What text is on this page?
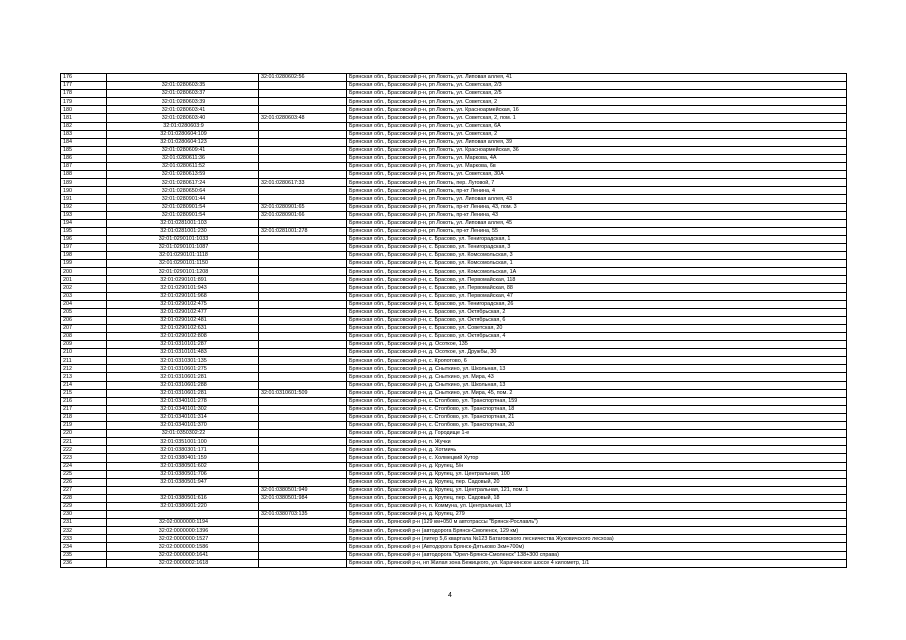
176		32:01:0280602:56	Брянская обл., Брасовский р-н, рп Локоть, ул. Липовая аллея, 41
177	32:01:0280603:35		Брянская обл., Брасовский р-н, рп Локоть, ул. Советская, 2/3
178	32:01:0280603:37		Брянская обл., Брасовский р-н, рп Локоть, ул. Советская, 2/5
179	32:01:0280603:39		Брянская обл., Брасовский р-н, рп Локоть, ул. Советская, 2
180	32:01:0280603:41		Брянская обл., Брасовский р-н, рп Локоть, ул. Красноармейская, 16
181	32:01:0280603:40	32:01:0280603:48	Брянская обл., Брасовский р-н, рп Локоть, ул. Советская, 2, пом. 1
182	32:01:0280603:9		Брянская обл., Брасовский р-н, рп Локоть, ул. Советская, 6А
183	32:01:0280604:109		Брянская обл., Брасовский р-н, рп Локоть, ул. Советская, 2
184	32:01:0280604:123		Брянская обл., Брасовский р-н, рп Локоть, ул. Липовая аллея, 39
185	32:01:0280609:41		Брянская обл., Брасовский р-н, рп Локоть, ул. Красноармейская, 36
186	32:01:0280611:36		Брянская обл., Брасовский р-н, рп Локоть, ул. Маркова, 4А
187	32:01:0280611:52		Брянская обл., Брасовский р-н, рп Локоть, ул. Маркова, 6в
188	32:01:0280613:59		Брянская обл., Брасовский р-н, рп Локоть, ул. Советская, 30А
189	32:01:0280617:24	32:01:0280617:33	Брянская обл., Брасовский р-н, рп Локоть, пер. Луговой, 7
190	32:01:0280650:64		Брянская обл., Брасовский р-н, рп Локоть, пр-кт Ленина, 4
191	32:01:0280901:44		Брянская обл., Брасовский р-н, рп Локоть, ул. Липовая аллея, 43
192	32:01:0280901:54	32:01:0280901:65	Брянская обл., Брасовский р-н, рп Локоть, пр-кт Ленина, 43, пом. 3
193	32:01:0280901:54	32:01:0280901:66	Брянская обл., Брасовский р-н, рп Локоть, пр-кт Ленина, 43
194	32:01:0281001:103		Брянская обл., Брасовский р-н, рп Локоть, ул. Липовая аллея, 45
195	32:01:0281001:230	32:01:0281001:278	Брянская обл., Брасовский р-н, рп Локоть, пр-кт Ленина, 55
196	32:01:0290101:1033		Брянская обл., Брасовский р-н, с. Брасово, ул. Тенигорадская, 1
197	32:01:0290101:1087		Брянская обл., Брасовский р-н, с. Брасово, ул. Тенигорадская, 3
198	32:01:0290101:1118		Брянская обл., Брасовский р-н, с. Брасово, ул. Комсомольская, 3
199	32:01:0290101:1150		Брянская обл., Брасовский р-н, с. Брасово, ул. Комсомольская, 1
200	32:01:0290101:1208		Брянская обл., Брасовский р-н, с. Брасово, ул. Комсомольская, 1А
201	32:01:0290101:891		Брянская обл., Брасовский р-н, с. Брасово, ул. Первомайская, 118
202	32:01:0290101:943		Брянская обл., Брасовский р-н, с. Брасово, ул. Первомайская, 88
203	32:01:0290101:968		Брянская обл., Брасовский р-н, с. Брасово, ул. Первомайская, 47
204	32:01:0290102:475		Брянская обл., Брасовский р-н, с. Брасово, ул. Тенигорадская, 26
205	32:01:0290102:477		Брянская обл., Брасовский р-н, с. Брасово, ул. Октябрьская, 2
206	32:01:0290102:481		Брянская обл., Брасовский р-н, с. Брасово, ул. Октябрьская, 6
207	32:01:0290102:631		Брянская обл., Брасовский р-н, с. Брасово, ул. Советская, 20
208	32:01:0290102:808		Брянская обл., Брасовский р-н, с. Брасово, ул. Октябрьская, 4
209	32:01:0310101:287		Брянская обл., Брасовский р-н, д. Осоткое, 135
210	32:01:0310101:483		Брянская обл., Брасовский р-н, д. Осоткое, ул. Дружбы, 30
211	32:01:0310301:135		Брянская обл., Брасовский р-н, с. Кропотово, 6
212	32:01:0310601:275		Брянская обл., Брасовский р-н, д. Сныткино, ул. Школьная, 13
213	32:01:0310601:281		Брянская обл., Брасовский р-н, д. Сныткино, ул. Мира, 43
214	32:01:0310601:288		Брянская обл., Брасовский р-н, д. Сныткино, ул. Школьная, 13
215	32:01:0310601:281	32:01:0310601:509	Брянская обл., Брасовский р-н, д. Сныткино, ул. Мира, 45, пом. 2
216	32:01:0340101:278		Брянская обл., Брасовский р-н, с. Столбово, ул. Транспортная, 159
217	32:01:0340101:302		Брянская обл., Брасовский р-н, с. Столбово, ул. Транспортная, 18
218	32:01:0340101:314		Брянская обл., Брасовский р-н, с. Столбово, ул. Транспортная, 21
219	32:01:0340101:370		Брянская обл., Брасовский р-н, с. Столбово, ул. Транспортная, 20
220	32:01:0350302:22		Брянская обл., Брасовский р-н, д. Городище 1-е
221	32:01:0351001:100		Брянская обл., Брасовский р-н, п. Жучки
222	32:01:0380301:171		Брянская обл., Брасовский р-н, д. Хотмичь
223	32:01:0380401:159		Брянская обл., Брасовский р-н, с. Холмецкий Хутор
224	32:01:0380501:602		Брянская обл., Брасовский р-н, д. Крупец, 5/н
225	32:01:0380501:706		Брянская обл., Брасовский р-н, д. Крупец, ул. Центральная, 100
226	32:01:0380501:947		Брянская обл., Брасовский р-н, д. Крупец, пер. Садовый, 20
227		32:01:0380501:949	Брянская обл., Брасовский р-н, д. Крупец, ул. Центральная, 121, пом. 1
228	32:01:0380501:616	32:01:0380501:984	Брянская обл., Брасовский р-н, д. Крупец, пер. Садовый, 18
229	32:01:0380601:220		Брянская обл., Брасовский р-н, п. Коммуна, ул. Центральная, 13
230		32:01:0380703:135	Брянская обл., Брасовский р-н, д. Крупец, 279
231	32:02:0000000:1194		Брянская обл., Брянский р-н (129 км+050 м автотрассы "Брянск-Рославль")
232	32:02:0000000:1396		Брянская обл., Брянский р-н (автодорога Брянск-Смоленск, 129 км)
233	32:02:0000000:1527		Брянская обл., Брянский р-н (литер 5,6 квартала №123 Батаговского лесничества Жуковичского лесхоза)
234	32:02:0000000:1586		Брянская обл., Брянский р-н (Автодорога Брянск-Дятьково 3км+700м)
235	32:02:0000000:1641		Брянская обл., Брянский р-н (автодорога "Орел-Брянск-Смоленск" 138+300 справа)
236	32:02:0000002:1618		Брянская обл., Брянский р-н, нп Жилая зона Бежицкого, ул. Карачинское шоссе 4 километр, 1/1
4
